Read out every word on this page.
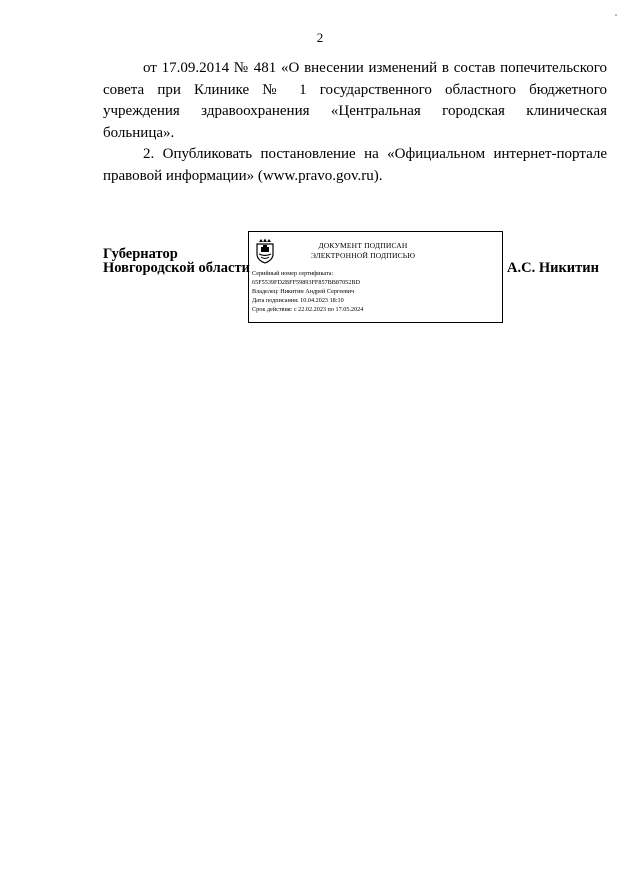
2

от 17.09.2014 № 481 «О внесении изменений в состав попечительского совета при Клинике № 1 государственного областного бюджетного учреждения здравоохранения «Центральная городская клиническая больница».

2. Опубликовать постановление на «Официальном интернет-портале правовой информации» (www.pravo.gov.ru).

Губернатор
Новгородской области
ДОКУМЕНТ ПОДПИСАН
ЭЛЕКТРОННОЙ ПОДПИСЬЮ
Серийный номер сертификата:
65F5539FD2BFF59893FF857BB87052BD
Владелец: Никитин Андрей Сергеевич
Дата подписания: 10.04.2023 18:10
Срок действия: с 22.02.2023 по 17.05.2024
А.С. Никитин
